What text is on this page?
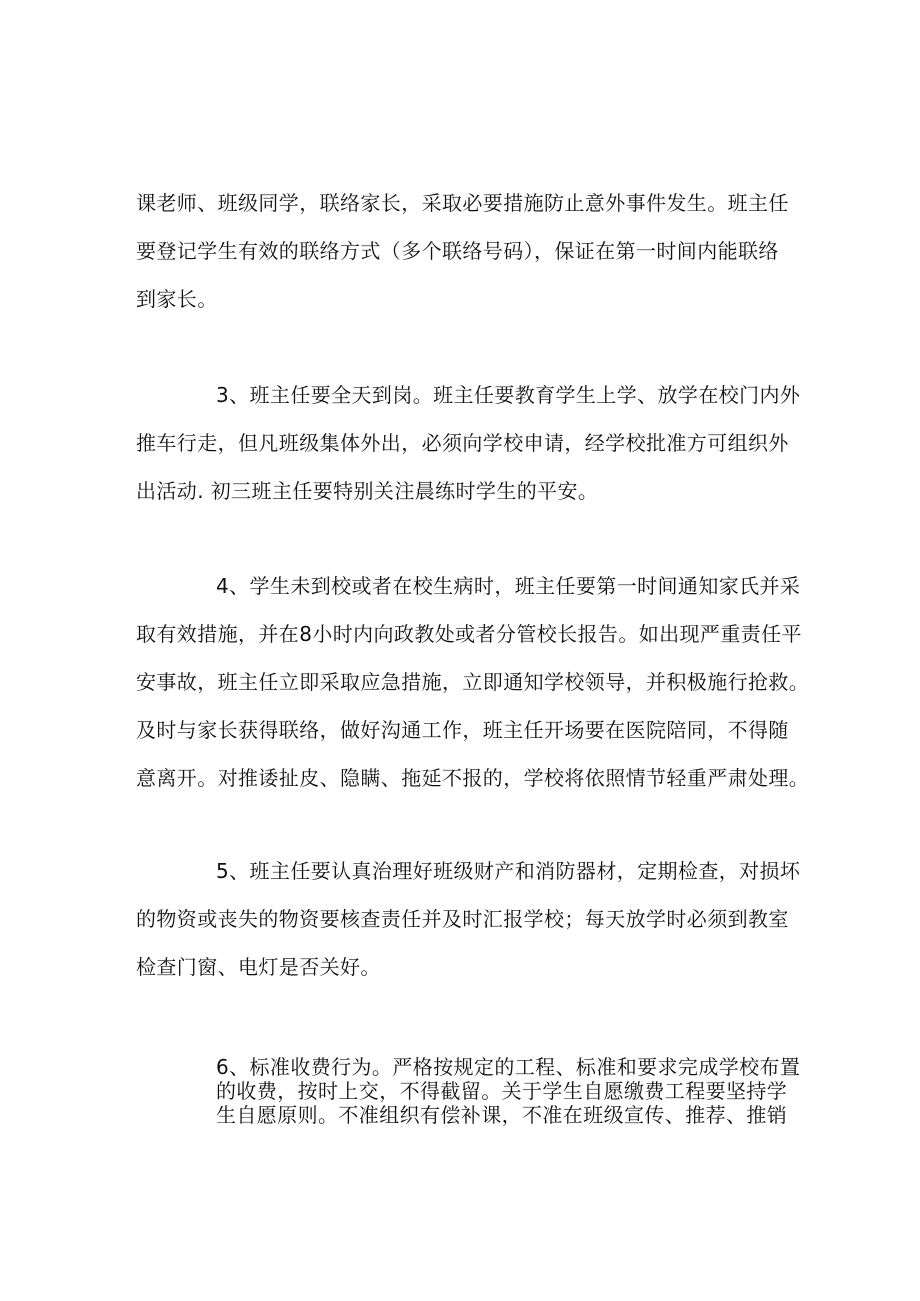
课老师、班级同学，联络家长，采取必要措施防止意外事件发生。班主任
要登记学生有效的联络方式（多个联络号码），保证在第一时间内能联络
到家长。
3、班主任要全天到岗。班主任要教育学生上学、放学在校门内外
推车行走，但凡班级集体外出，必须向学校申请，经学校批准方可组织外
出活动. 初三班主任要特别关注晨练时学生的平安。
4、学生未到校或者在校生病时，班主任要第一时间通知家氏并采
取有效措施，并在8小时内向政教处或者分管校长报告。如出现严重责任平
安事故，班主任立即采取应急措施，立即通知学校领导，并积极施行抢救。
及时与家长获得联络，做好沟通工作，班主任开场要在医院陪同，不得随
意离开。对推诿扯皮、隐瞒、拖延不报的，学校将依照情节轻重严肃处理。
5、班主任要认真治理好班级财产和消防器材，定期检查，对损坏
的物资或丧失的物资要核查责任并及时汇报学校；每天放学时必须到教室
检查门窗、电灯是否关好。
6、标准收费行为。严格按规定的工程、标准和要求完成学校布置
的收费，按时上交，不得截留。关于学生自愿缴费工程要坚持学
生自愿原则。不准组织有偿补课，不准在班级宣传、推荐、推销
